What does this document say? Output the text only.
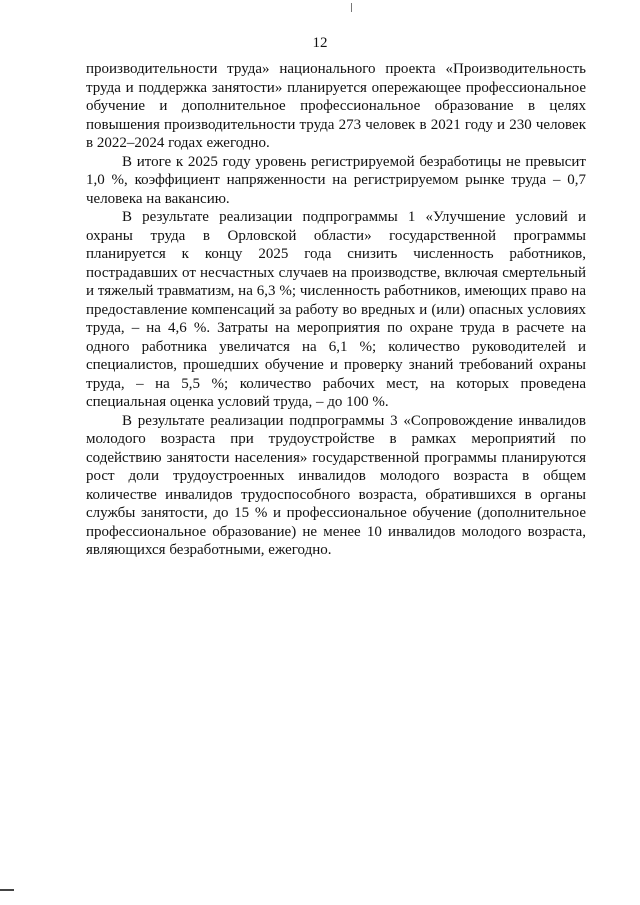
12

производительности труда» национального проекта «Производительность труда и поддержка занятости» планируется опережающее профессиональное обучение и дополнительное профессиональное образование в целях повышения производительности труда 273 человек в 2021 году и 230 человек в 2022–2024 годах ежегодно.

В итоге к 2025 году уровень регистрируемой безработицы не превысит 1,0 %, коэффициент напряженности на регистрируемом рынке труда – 0,7 человека на вакансию.

В результате реализации подпрограммы 1 «Улучшение условий и охраны труда в Орловской области» государственной программы планируется к концу 2025 года снизить численность работников, пострадавших от несчастных случаев на производстве, включая смертельный и тяжелый травматизм, на 6,3 %; численность работников, имеющих право на предоставление компенсаций за работу во вредных и (или) опасных условиях труда, – на 4,6 %. Затраты на мероприятия по охране труда в расчете на одного работника увеличатся на 6,1 %; количество руководителей и специалистов, прошедших обучение и проверку знаний требований охраны труда, – на 5,5 %; количество рабочих мест, на которых проведена специальная оценка условий труда, – до 100 %.

В результате реализации подпрограммы 3 «Сопровождение инвалидов молодого возраста при трудоустройстве в рамках мероприятий по содействию занятости населения» государственной программы планируются рост доли трудоустроенных инвалидов молодого возраста в общем количестве инвалидов трудоспособного возраста, обратившихся в органы службы занятости, до 15 % и профессиональное обучение (дополнительное профессиональное образование) не менее 10 инвалидов молодого возраста, являющихся безработными, ежегодно.
